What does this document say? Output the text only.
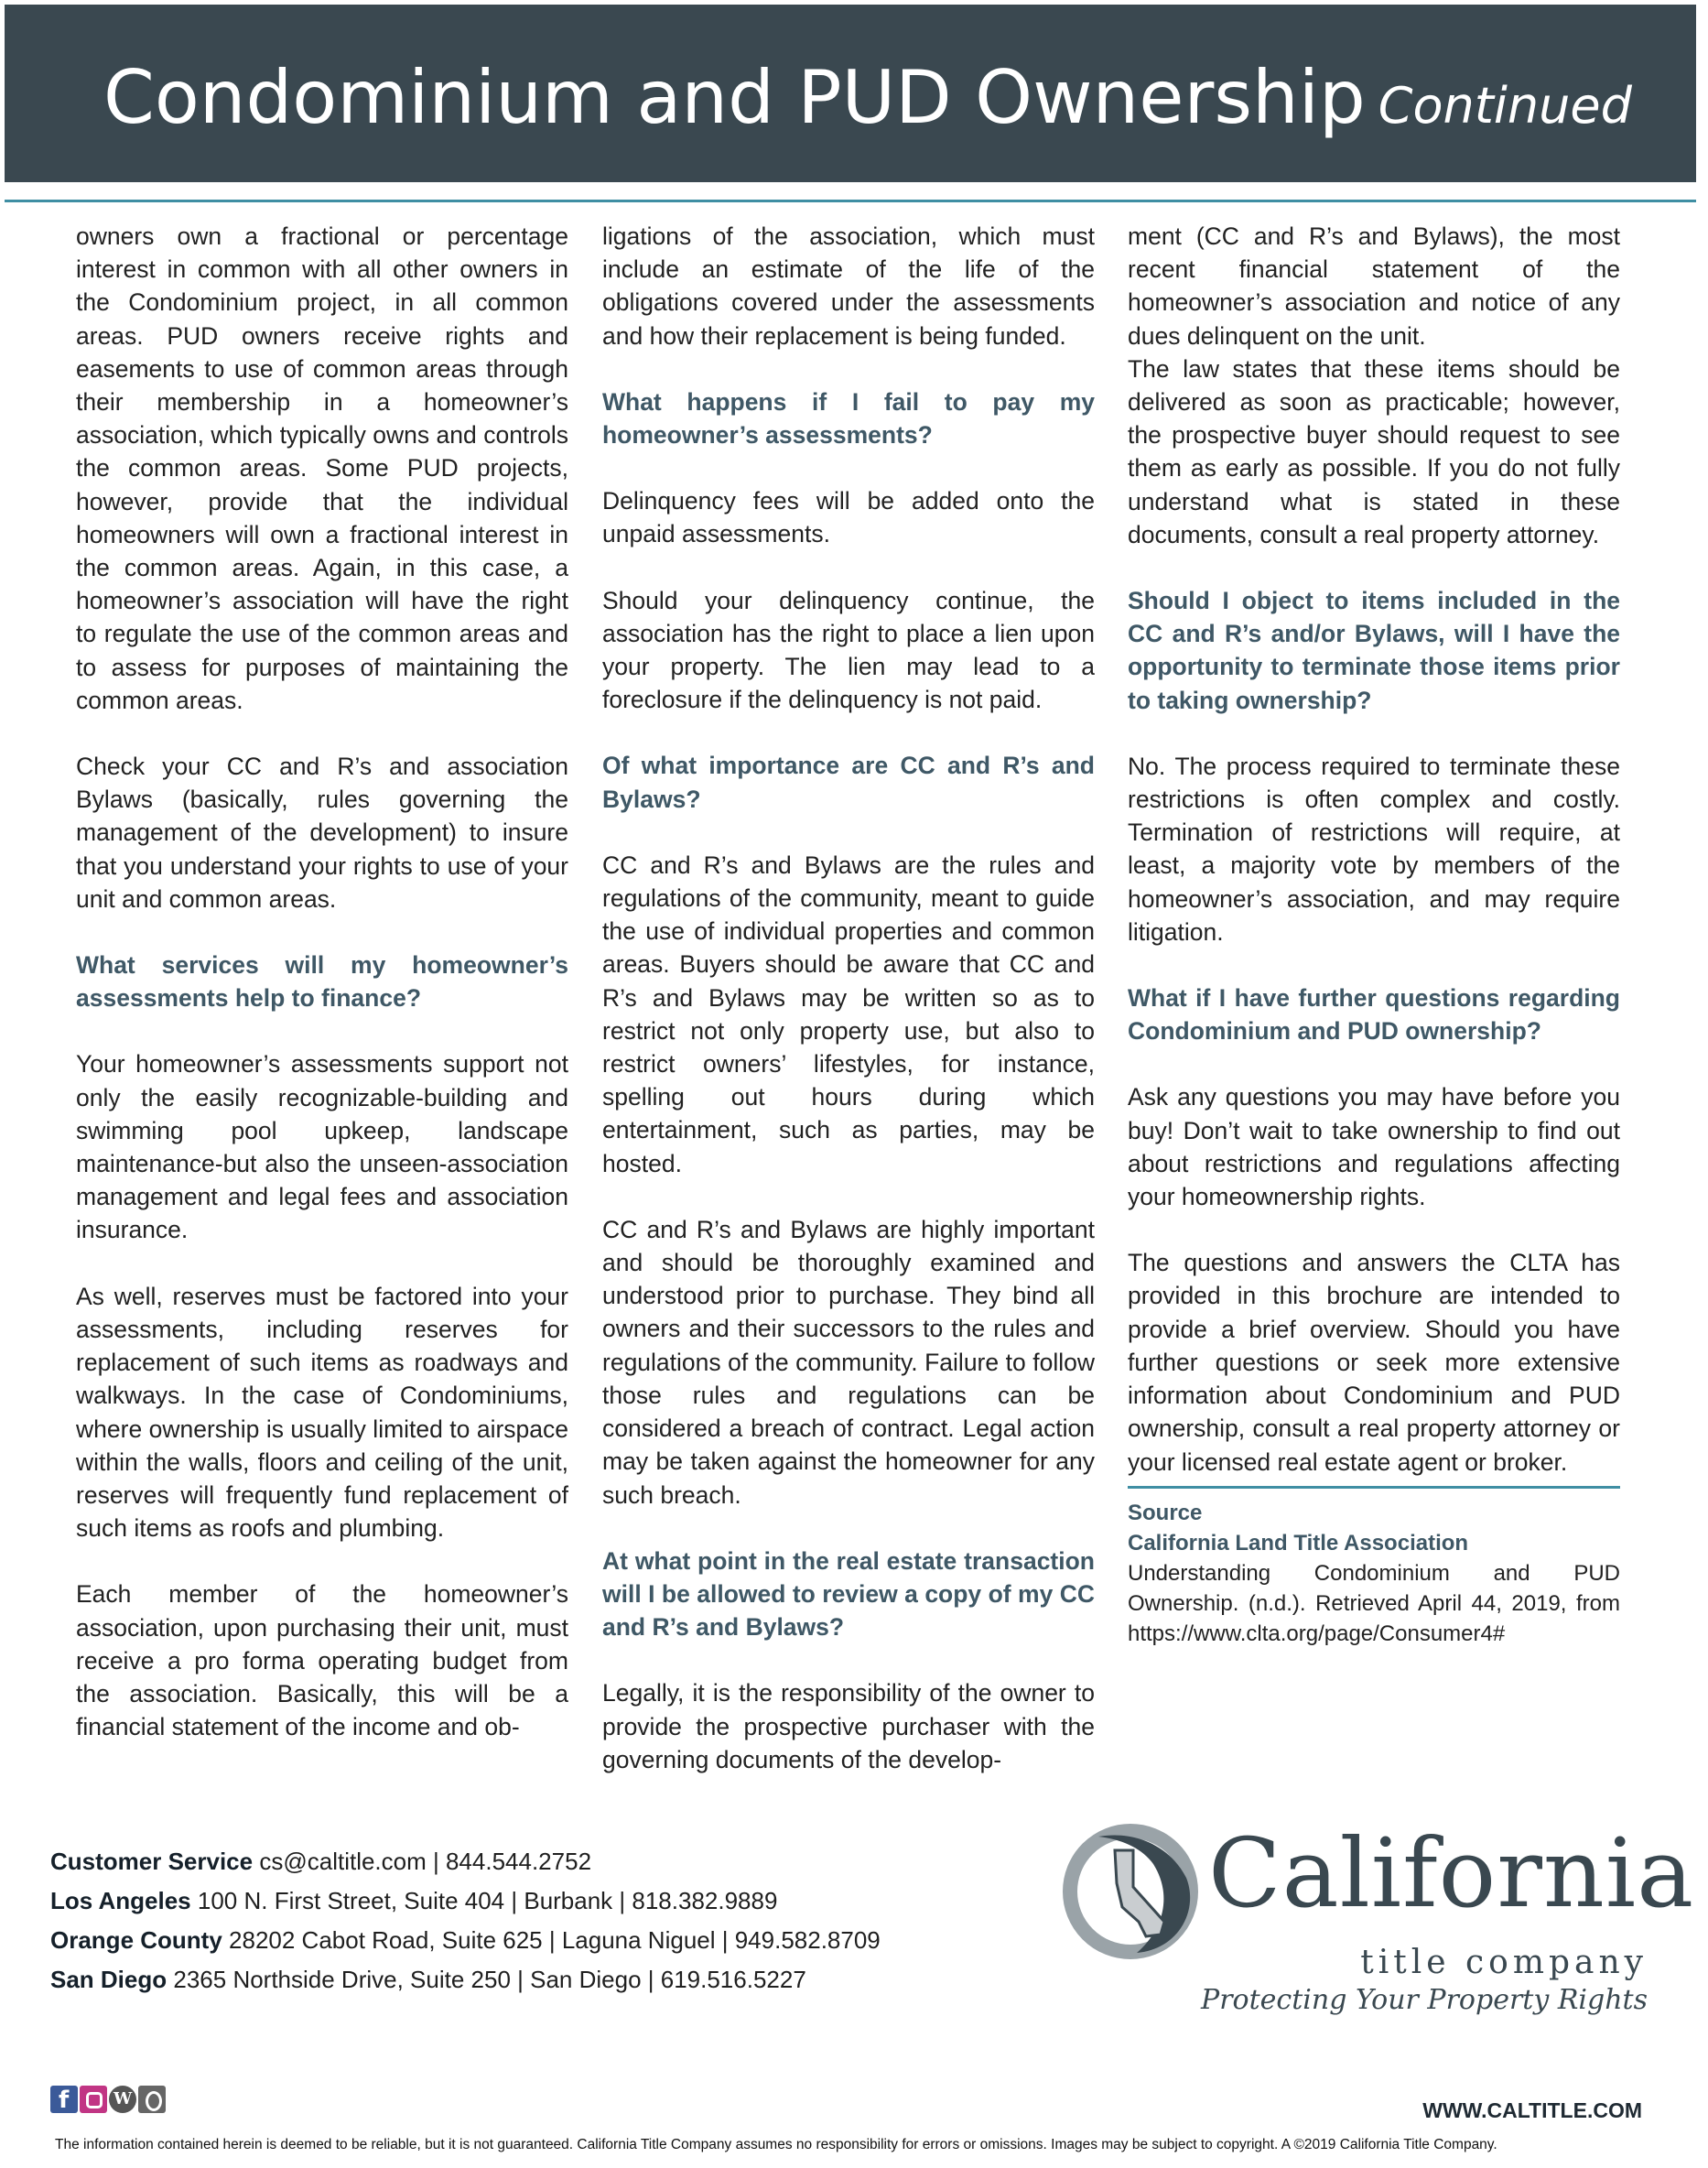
Condominium and PUD Ownership Continued

owners own a fractional or percentage interest in common with all other owners in the Condominium project, in all common areas. PUD owners receive rights and easements to use of common areas through their membership in a homeowner’s association, which typically owns and controls the common areas. Some PUD projects, however, provide that the individual homeowners will own a fractional interest in the common areas. Again, in this case, a homeowner’s association will have the right to regulate the use of the common areas and to assess for purposes of maintaining the common areas.

Check your CC and R’s and association Bylaws (basically, rules governing the management of the development) to insure that you understand your rights to use of your unit and common areas.

What services will my homeowner’s assessments help to finance?

Your homeowner’s assessments support not only the easily recognizable-building and swimming pool upkeep, landscape maintenance-but also the unseen-association management and legal fees and association insurance.

As well, reserves must be factored into your assessments, including reserves for replacement of such items as roadways and walkways. In the case of Condominiums, where ownership is usually limited to airspace within the walls, floors and ceiling of the unit, reserves will frequently fund replacement of such items as roofs and plumbing.

Each member of the homeowner’s association, upon purchasing their unit, must receive a pro forma operating budget from the association. Basically, this will be a financial statement of the income and ob-

ligations of the association, which must include an estimate of the life of the obligations covered under the assessments and how their replacement is being funded.

What happens if I fail to pay my homeowner’s assessments?

Delinquency fees will be added onto the unpaid assessments.

Should your delinquency continue, the association has the right to place a lien upon your property. The lien may lead to a foreclosure if the delinquency is not paid.

Of what importance are CC and R’s and Bylaws?

CC and R’s and Bylaws are the rules and regulations of the community, meant to guide the use of individual properties and common areas. Buyers should be aware that CC and R’s and Bylaws may be written so as to restrict not only property use, but also to restrict owners’ lifestyles, for instance, spelling out hours during which entertainment, such as parties, may be hosted.

CC and R’s and Bylaws are highly important and should be thoroughly examined and understood prior to purchase. They bind all owners and their successors to the rules and regulations of the community. Failure to follow those rules and regulations can be considered a breach of contract. Legal action may be taken against the homeowner for any such breach.

At what point in the real estate transaction will I be allowed to review a copy of my CC and R’s and Bylaws?

Legally, it is the responsibility of the owner to provide the prospective purchaser with the governing documents of the develop-

ment (CC and R’s and Bylaws), the most recent financial statement of the homeowner’s association and notice of any dues delinquent on the unit.

The law states that these items should be delivered as soon as practicable; however, the prospective buyer should request to see them as early as possible. If you do not fully understand what is stated in these documents, consult a real property attorney.

Should I object to items included in the CC and R’s and/or Bylaws, will I have the opportunity to terminate those items prior to taking ownership?

No. The process required to terminate these restrictions is often complex and costly. Termination of restrictions will require, at least, a majority vote by members of the homeowner’s association, and may require litigation.

What if I have further questions regarding Condominium and PUD ownership?

Ask any questions you may have before you buy! Don’t wait to take ownership to find out about restrictions and regulations affecting your homeownership rights.

The questions and answers the CLTA has provided in this brochure are intended to provide a brief overview. Should you have further questions or seek more extensive information about Condominium and PUD ownership, consult a real property attorney or your licensed real estate agent or broker.

Source
California Land Title Association
Understanding Condominium and PUD Ownership. (n.d.). Retrieved April 44, 2019, from https://www.clta.org/page/Consumer4#
Customer Service cs@caltitle.com | 844.544.2752
Los Angeles 100 N. First Street, Suite 404 | Burbank | 818.382.9889
Orange County 28202 Cabot Road, Suite 625 | Laguna Niguel | 949.582.8709
San Diego 2365 Northside Drive, Suite 250 | San Diego | 619.516.5227
California
title company
Protecting Your Property Rights
f
W
WWW.CALTITLE.COM
The information contained herein is deemed to be reliable, but it is not guaranteed. California Title Company assumes no responsibility for errors or omissions. Images may be subject to copyright. A ©2019 California Title Company.
